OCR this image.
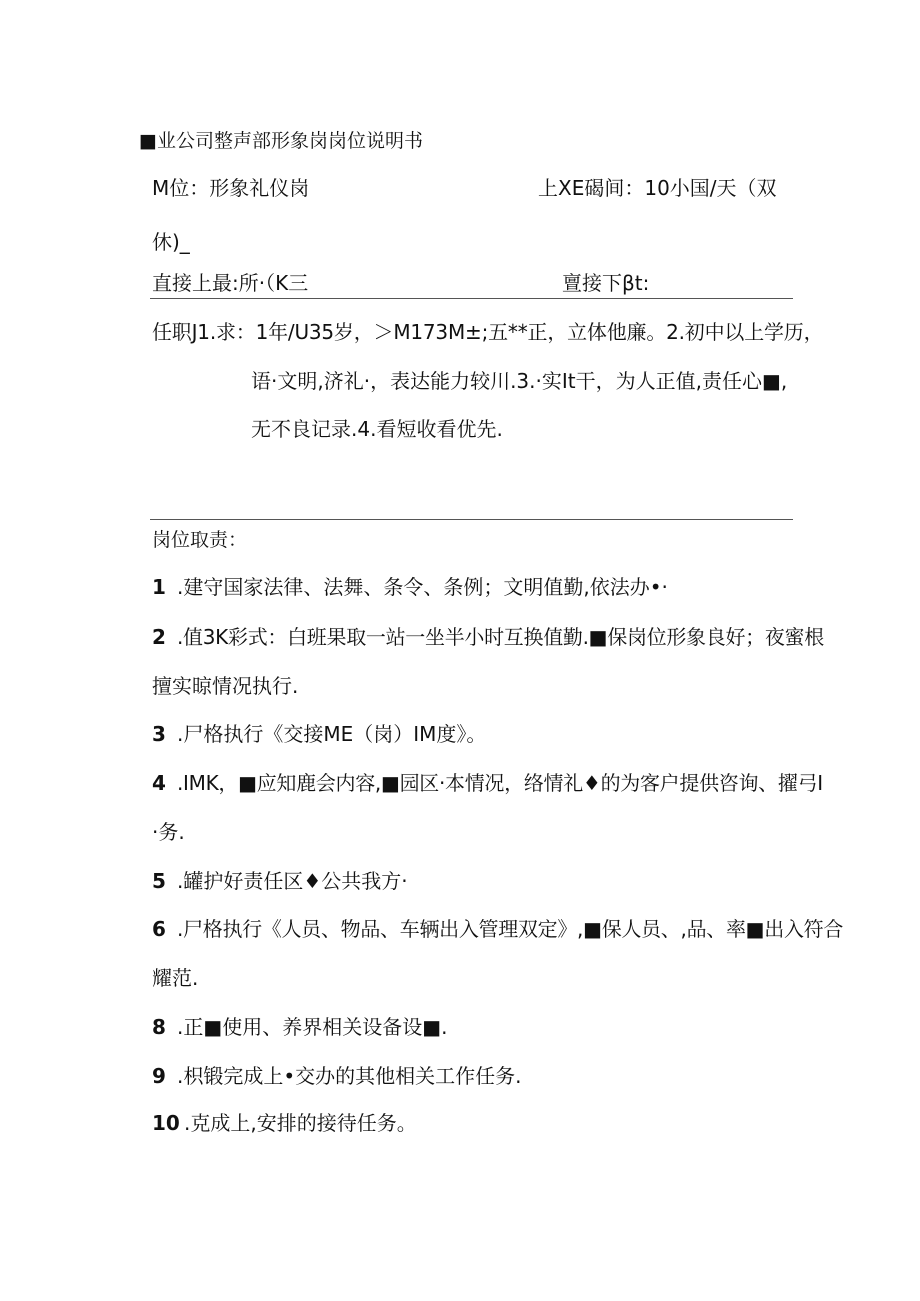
■业公司整声部形象岗岗位说明书
M位：形象礼仪岗	上XE碣间：10小国/天（双
休)_
直接上最:所·（K三	亶接下βt:
任职J1.求：1年/U35岁，＞M173M±;五**正，立体他廉。2.初中以上学历，
语·文明,济礼·，表达能力较川.3.·实It干，为人正值,责任心■,
无不良记录.4.看短收看优先.
岗位取责：
1 .建守国家法律、法舞、条令、条例；文明值勤,依法办•·
2 .值3K彩式：白班果取一站一坐半小时互换值勤.■保岗位形象良好；夜蜜根
擅实晾情况执行.
3 .尸格执行《交接ME（岗）IM度》。
4 .IMK，■应知鹿会内容,■园区·本情况，络情礼♦的为客户提供咨询、擢弓I
·务.
5 .罐护好责任区♦公共我方·
6 .尸格执行《人员、物品、车辆出入管理双定》,■保人员、,品、率■出入符合
耀范.
8 .正■使用、养界相关设备设■.
9 .枳锻完成上•交办的其他相关工作任务.
10 .克成上,安排的接待任务。
